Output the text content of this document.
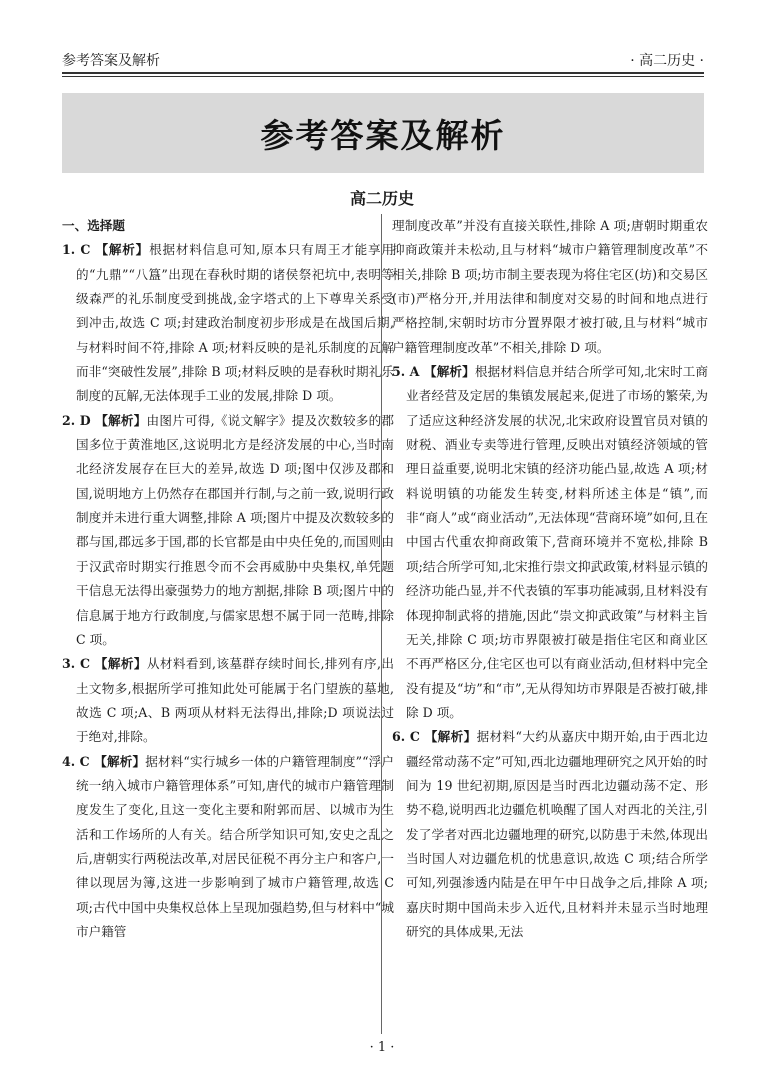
参考答案及解析	· 高二历史 ·
参考答案及解析
高二历史

一、选择题

1. C 【解析】根据材料信息可知,原本只有周王才能享用的“九鼎”“八簋”出现在春秋时期的诸侯祭祀坑中,表明等级森严的礼乐制度受到挑战,金字塔式的上下尊卑关系受到冲击,故选 C 项;封建政治制度初步形成是在战国后期,与材料时间不符,排除 A 项;材料反映的是礼乐制度的瓦解而非“突破性发展”,排除 B 项;材料反映的是春秋时期礼乐制度的瓦解,无法体现手工业的发展,排除 D 项。

2. D 【解析】由图片可得,《说文解字》提及次数较多的郡国多位于黄淮地区,这说明北方是经济发展的中心,当时南北经济发展存在巨大的差异,故选 D 项;图中仅涉及郡和国,说明地方上仍然存在郡国并行制,与之前一致,说明行政制度并未进行重大调整,排除 A 项;图片中提及次数较多的郡与国,郡远多于国,郡的长官都是由中央任免的,而国则由于汉武帝时期实行推恩令而不会再威胁中央集权,单凭题干信息无法得出豪强势力的地方割据,排除 B 项;图片中的信息属于地方行政制度,与儒家思想不属于同一范畴,排除 C 项。

3. C 【解析】从材料看到,该墓群存续时间长,排列有序,出土文物多,根据所学可推知此处可能属于名门望族的墓地,故选 C 项;A、B 两项从材料无法得出,排除;D 项说法过于绝对,排除。

4. C 【解析】据材料“实行城乡一体的户籍管理制度”“浮户统一纳入城市户籍管理体系”可知,唐代的城市户籍管理制度发生了变化,且这一变化主要和附郭而居、以城市为生活和工作场所的人有关。结合所学知识可知,安史之乱之后,唐朝实行两税法改革,对居民征税不再分主户和客户,一律以现居为簿,这进一步影响到了城市户籍管理,故选 C 项;古代中国中央集权总体上呈现加强趋势,但与材料中“城市户籍管

理制度改革”并没有直接关联性,排除 A 项;唐朝时期重农抑商政策并未松动,且与材料“城市户籍管理制度改革”不相关,排除 B 项;坊市制主要表现为将住宅区(坊)和交易区(市)严格分开,并用法律和制度对交易的时间和地点进行严格控制,宋朝时坊市分置界限才被打破,且与材料“城市户籍管理制度改革”不相关,排除 D 项。

5. A 【解析】根据材料信息并结合所学可知,北宋时工商业者经营及定居的集镇发展起来,促进了市场的繁荣,为了适应这种经济发展的状况,北宋政府设置官员对镇的财税、酒业专卖等进行管理,反映出对镇经济领域的管理日益重要,说明北宋镇的经济功能凸显,故选 A 项;材料说明镇的功能发生转变,材料所述主体是“镇”,而非“商人”或“商业活动”,无法体现“营商环境”如何,且在中国古代重农抑商政策下,营商环境并不宽松,排除 B 项;结合所学可知,北宋推行崇文抑武政策,材料显示镇的经济功能凸显,并不代表镇的军事功能减弱,且材料没有体现抑制武将的措施,因此“崇文抑武政策”与材料主旨无关,排除 C 项;坊市界限被打破是指住宅区和商业区不再严格区分,住宅区也可以有商业活动,但材料中完全没有提及“坊”和“市”,无从得知坊市界限是否被打破,排除 D 项。

6. C 【解析】据材料“大约从嘉庆中期开始,由于西北边疆经常动荡不定”可知,西北边疆地理研究之风开始的时间为 19 世纪初期,原因是当时西北边疆动荡不定、形势不稳,说明西北边疆危机唤醒了国人对西北的关注,引发了学者对西北边疆地理的研究,以防患于未然,体现出当时国人对边疆危机的忧患意识,故选 C 项;结合所学可知,列强渗透内陆是在甲午中日战争之后,排除 A 项;嘉庆时期中国尚未步入近代,且材料并未显示当时地理研究的具体成果,无法

· 1 ·
